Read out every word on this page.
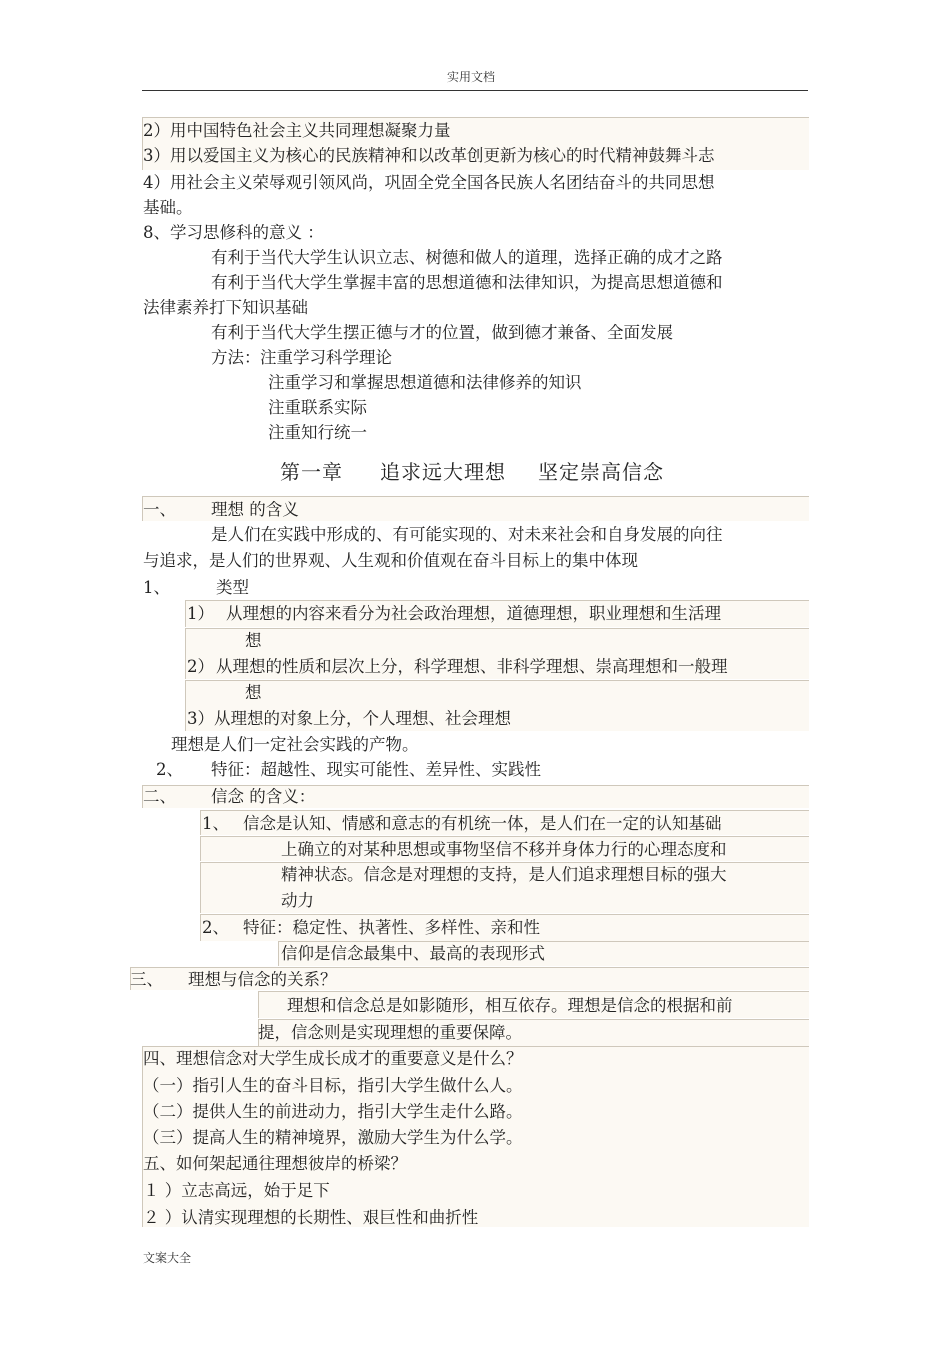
实用文档
2）用中国特色社会主义共同理想凝聚力量
3）用以爱国主义为核心的民族精神和以改革创更新为核心的时代精神鼓舞斗志
4）用社会主义荣辱观引领风尚，巩固全党全国各民族人名团结奋斗的共同思想
基础。
8、学习思修科的意义 ：
有利于当代大学生认识立志、树德和做人的道理，选择正确的成才之路
有利于当代大学生掌握丰富的思想道德和法律知识，为提高思想道德和
法律素养打下知识基础
有利于当代大学生摆正德与才的位置，做到德才兼备、全面发展
方法： 注重学习科学理论
注重学习和掌握思想道德和法律修养的知识
注重联系实际
注重知行统一
第一章 追求远大理想 坚定崇高信念
一、 理想 的含义
是人们在实践中形成的、有可能实现的、对未来社会和自身发展的向往
与追求，是人们的世界观、人生观和价值观在奋斗目标上的集中体现
1、	类型
1） 从理想的内容来看分为社会政治理想，道德理想，职业理想和生活理
想
2） 从理想的性质和层次上分，科学理想、非科学理想、崇高理想和一般理
想
3）从理想的对象上分，个人理想、社会理想
理想是人们一定社会实践的产物。
2、 特征：超越性、现实可能性、差异性、实践性
二、 信念 的含义：
1、 信念是认知、情感和意志的有机统一体，是人们在一定的认知基础
上确立的对某种思想或事物坚信不移并身体力行的心理态度和
精神状态。信念是对理想的支持，是人们追求理想目标的强大
动力
2、 特征：稳定性、执著性、多样性、亲和性
信仰是信念最集中、最高的表现形式
三、 理想与信念的关系？
理想和信念总是如影随形，相互依存。理想是信念的根据和前
提，信念则是实现理想的重要保障。
四、理想信念对大学生成长成才的重要意义是什么？
（一）指引人生的奋斗目标，指引大学生做什么人。
（二）提供人生的前进动力，指引大学生走什么路。
（三）提高人生的精神境界，激励大学生为什么学。
五、如何架起通往理想彼岸的桥梁？
１ ）立志高远，始于足下
２ ）认清实现理想的长期性、艰巨性和曲折性
文案大全
